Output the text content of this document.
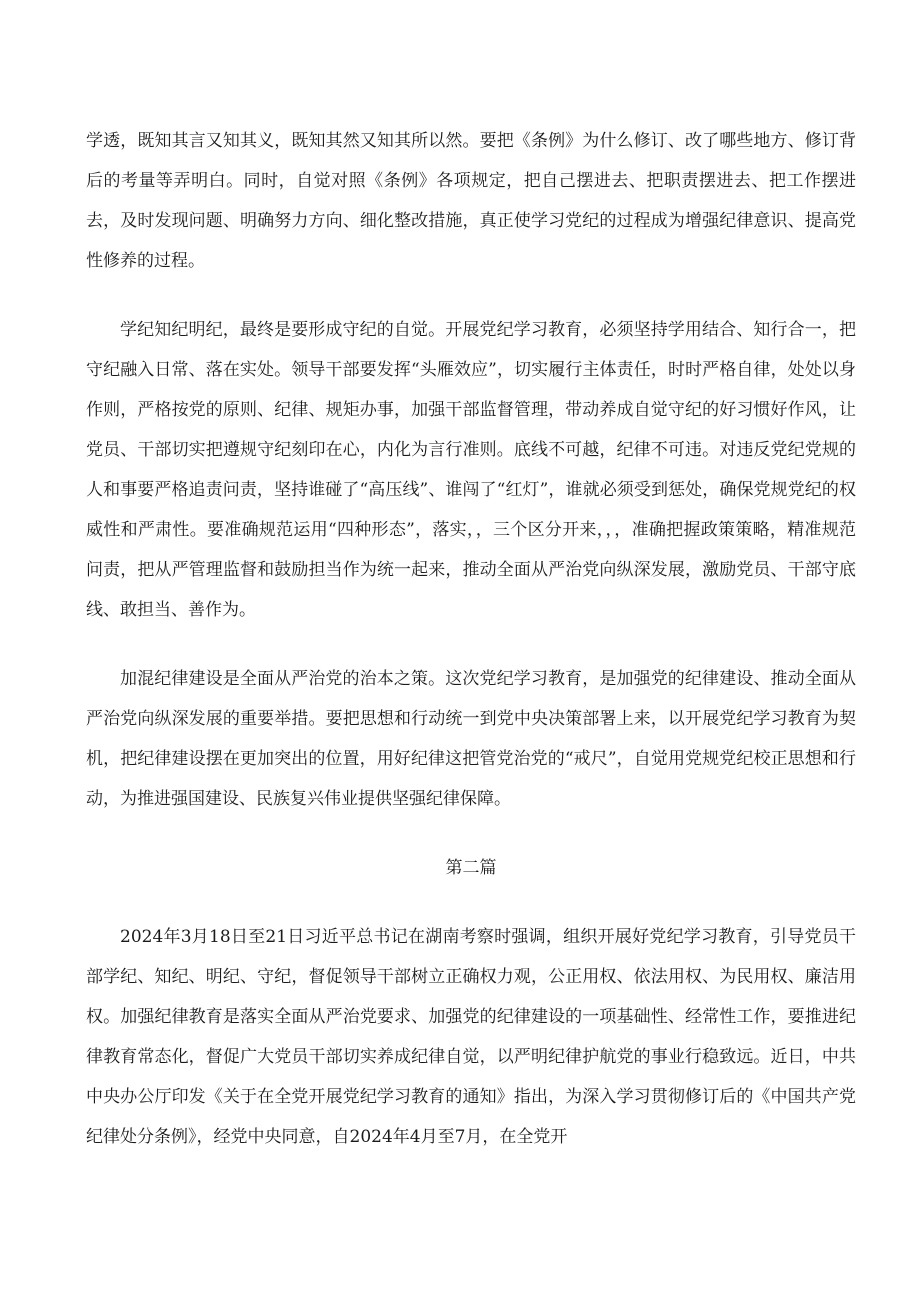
学透，既知其言又知其义，既知其然又知其所以然。要把《条例》为什么修订、改了哪些地方、修订背后的考量等弄明白。同时，自觉对照《条例》各项规定，把自己摆进去、把职责摆进去、把工作摆进去，及时发现问题、明确努力方向、细化整改措施，真正使学习党纪的过程成为增强纪律意识、提高党性修养的过程。

学纪知纪明纪，最终是要形成守纪的自觉。开展党纪学习教育，必须坚持学用结合、知行合一，把守纪融入日常、落在实处。领导干部要发挥“头雁效应”，切实履行主体责任，时时严格自律，处处以身作则，严格按党的原则、纪律、规矩办事，加强干部监督管理，带动养成自觉守纪的好习惯好作风，让党员、干部切实把遵规守纪刻印在心，内化为言行准则。底线不可越，纪律不可违。对违反党纪党规的人和事要严格追责问责，坚持谁碰了“高压线”、谁闯了“红灯”，谁就必须受到惩处，确保党规党纪的权威性和严肃性。要准确规范运用“四种形态”，落实，，三个区分开来，，，准确把握政策策略，精准规范问责，把从严管理监督和鼓励担当作为统一起来，推动全面从严治党向纵深发展，激励党员、干部守底线、敢担当、善作为。

加混纪律建设是全面从严治党的治本之策。这次党纪学习教育，是加强党的纪律建设、推动全面从严治党向纵深发展的重要举措。要把思想和行动统一到党中央决策部署上来，以开展党纪学习教育为契机，把纪律建设摆在更加突出的位置，用好纪律这把管党治党的“戒尺”，自觉用党规党纪校正思想和行动，为推进强国建设、民族复兴伟业提供坚强纪律保障。

第二篇

2024年3月18日至21日习近平总书记在湖南考察时强调，组织开展好党纪学习教育，引导党员干部学纪、知纪、明纪、守纪，督促领导干部树立正确权力观，公正用权、依法用权、为民用权、廉洁用权。加强纪律教育是落实全面从严治党要求、加强党的纪律建设的一项基础性、经常性工作，要推进纪律教育常态化，督促广大党员干部切实养成纪律自觉，以严明纪律护航党的事业行稳致远。近日，中共中央办公厅印发《关于在全党开展党纪学习教育的通知》指出，为深入学习贯彻修订后的《中国共产党纪律处分条例》，经党中央同意，自2024年4月至7月，在全党开
